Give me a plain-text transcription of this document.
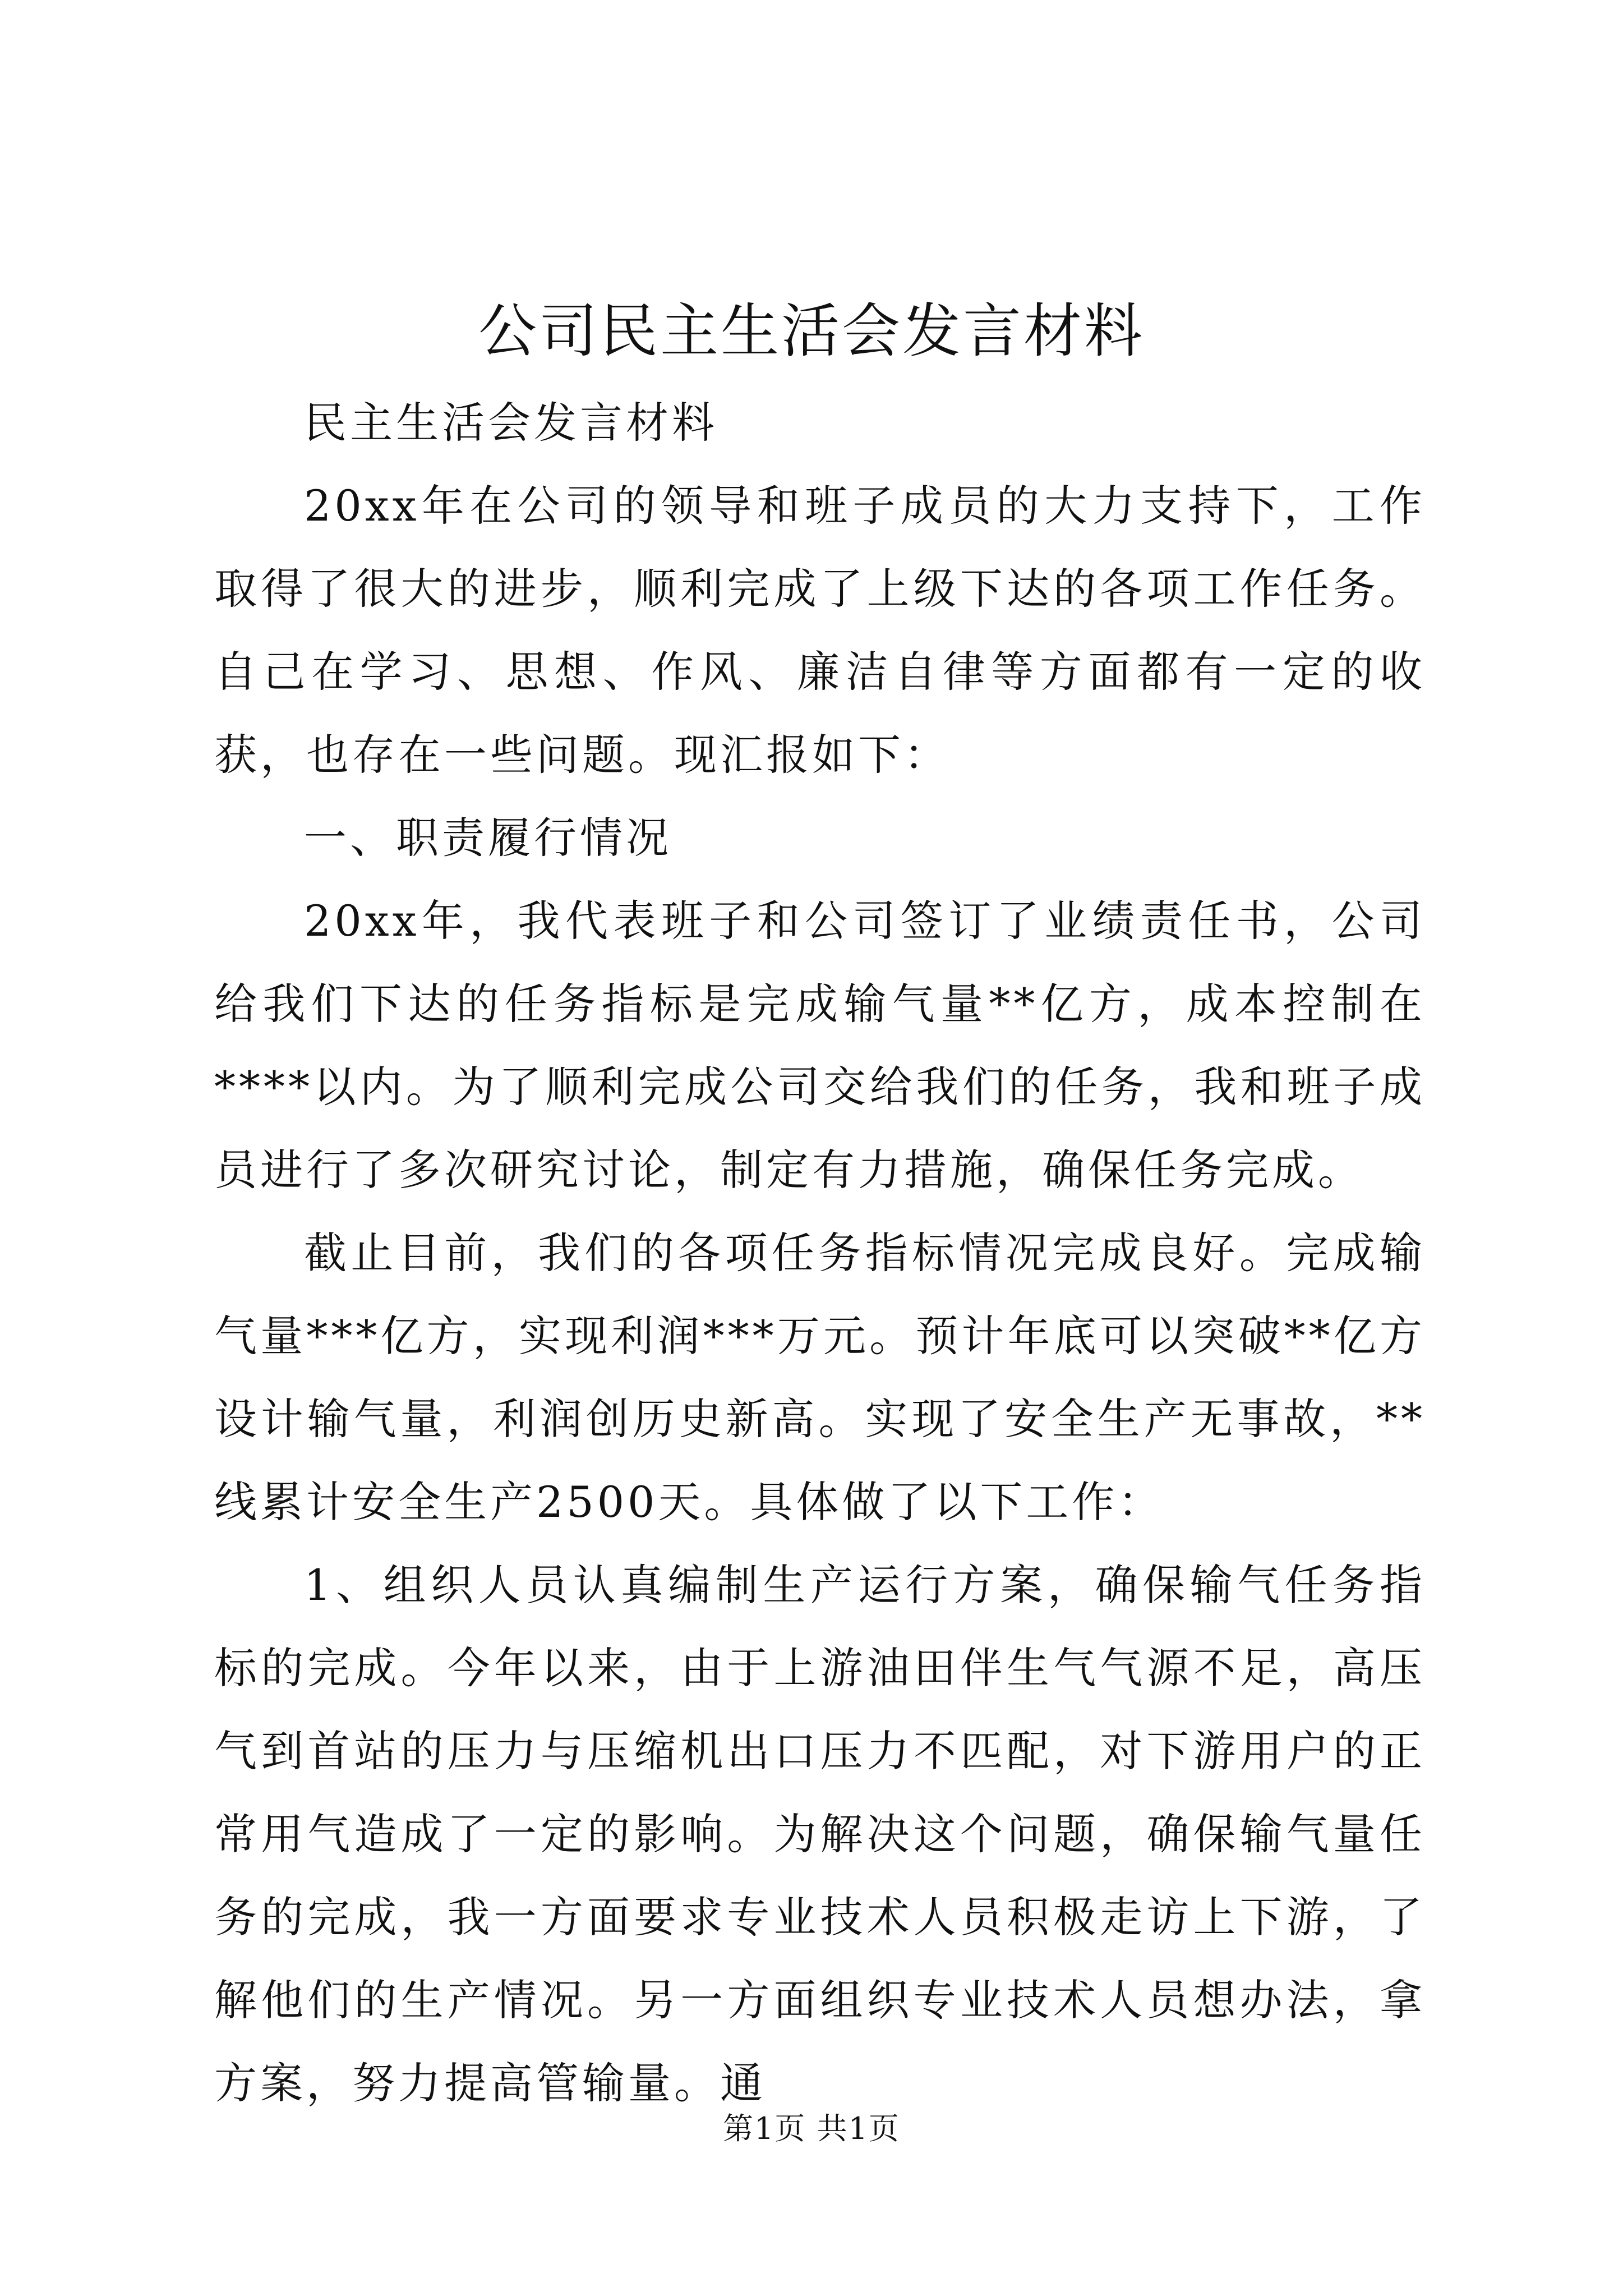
公司民主生活会发言材料

民主生活会发言材料

20xx年在公司的领导和班子成员的大力支持下，工作取得了很大的进步，顺利完成了上级下达的各项工作任务。自己在学习、思想、作风、廉洁自律等方面都有一定的收获，也存在一些问题。现汇报如下：

一、职责履行情况

20xx年，我代表班子和公司签订了业绩责任书，公司给我们下达的任务指标是完成输气量**亿方，成本控制在****以内。为了顺利完成公司交给我们的任务，我和班子成员进行了多次研究讨论，制定有力措施，确保任务完成。

截止目前，我们的各项任务指标情况完成良好。完成输气量***亿方，实现利润***万元。预计年底可以突破**亿方设计输气量，利润创历史新高。实现了安全生产无事故，**线累计安全生产2500天。具体做了以下工作：

1、组织人员认真编制生产运行方案，确保输气任务指标的完成。今年以来，由于上游油田伴生气气源不足，高压气到首站的压力与压缩机出口压力不匹配，对下游用户的正常用气造成了一定的影响。为解决这个问题，确保输气量任务的完成，我一方面要求专业技术人员积极走访上下游，了解他们的生产情况。另一方面组织专业技术人员想办法，拿方案，努力提高管输量。通

第1页 共1页
